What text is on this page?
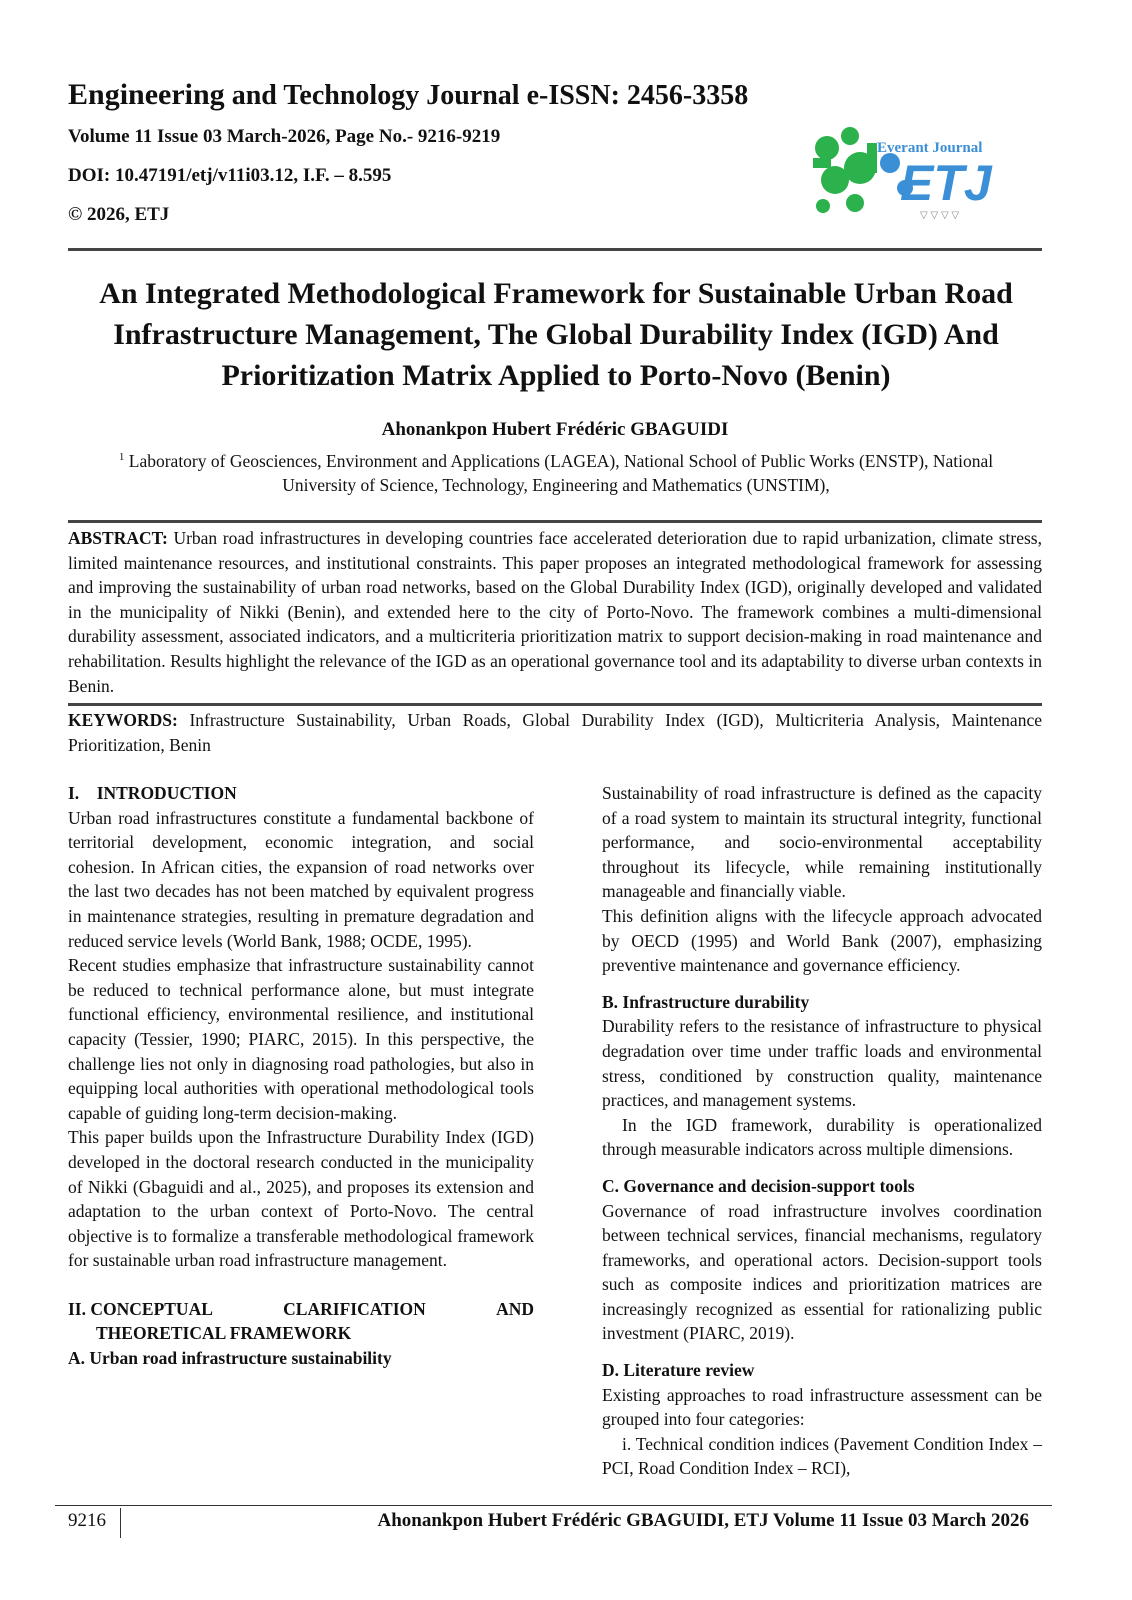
Engineering and Technology Journal e-ISSN: 2456-3358

Volume 11 Issue 03 March-2026, Page No.- 9216-9219
DOI: 10.47191/etj/v11i03.12, I.F. – 8.595
© 2026, ETJ
Everant Journal
ETJ
▽ ▽ ▽ ▽
An Integrated Methodological Framework for Sustainable Urban Road Infrastructure Management, The Global Durability Index (IGD) And Prioritization Matrix Applied to Porto-Novo (Benin)
Ahonankpon Hubert Frédéric GBAGUIDI
$^1$ Laboratory of Geosciences, Environment and Applications (LAGEA), National School of Public Works (ENSTP), National University of Science, Technology, Engineering and Mathematics (UNSTIM),
ABSTRACT: Urban road infrastructures in developing countries face accelerated deterioration due to rapid urbanization, climate stress, limited maintenance resources, and institutional constraints. This paper proposes an integrated methodological framework for assessing and improving the sustainability of urban road networks, based on the Global Durability Index (IGD), originally developed and validated in the municipality of Nikki (Benin), and extended here to the city of Porto-Novo. The framework combines a multi-dimensional durability assessment, associated indicators, and a multicriteria prioritization matrix to support decision-making in road maintenance and rehabilitation. Results highlight the relevance of the IGD as an operational governance tool and its adaptability to diverse urban contexts in Benin.
KEYWORDS: Infrastructure Sustainability, Urban Roads, Global Durability Index (IGD), Multicriteria Analysis, Maintenance Prioritization, Benin

I. INTRODUCTION

Urban road infrastructures constitute a fundamental backbone of territorial development, economic integration, and social cohesion. In African cities, the expansion of road networks over the last two decades has not been matched by equivalent progress in maintenance strategies, resulting in premature degradation and reduced service levels (World Bank, 1988; OCDE, 1995).

Recent studies emphasize that infrastructure sustainability cannot be reduced to technical performance alone, but must integrate functional efficiency, environmental resilience, and institutional capacity (Tessier, 1990; PIARC, 2015). In this perspective, the challenge lies not only in diagnosing road pathologies, but also in equipping local authorities with operational methodological tools capable of guiding long-term decision-making.

This paper builds upon the Infrastructure Durability Index (IGD) developed in the doctoral research conducted in the municipality of Nikki (Gbaguidi and al., 2025), and proposes its extension and adaptation to the urban context of Porto-Novo. The central objective is to formalize a transferable methodological framework for sustainable urban road infrastructure management.

II. CONCEPTUAL	CLARIFICATION	AND
THEORETICAL FRAMEWORK

A. Urban road infrastructure sustainability

Sustainability of road infrastructure is defined as the capacity of a road system to maintain its structural integrity, functional performance, and socio-environmental acceptability throughout its lifecycle, while remaining institutionally manageable and financially viable.

This definition aligns with the lifecycle approach advocated by OECD (1995) and World Bank (2007), emphasizing preventive maintenance and governance efficiency.

B. Infrastructure durability

Durability refers to the resistance of infrastructure to physical degradation over time under traffic loads and environmental stress, conditioned by construction quality, maintenance practices, and management systems.

In the IGD framework, durability is operationalized through measurable indicators across multiple dimensions.

C. Governance and decision-support tools

Governance of road infrastructure involves coordination between technical services, financial mechanisms, regulatory frameworks, and operational actors. Decision-support tools such as composite indices and prioritization matrices are increasingly recognized as essential for rationalizing public investment (PIARC, 2019).

D. Literature review

Existing approaches to road infrastructure assessment can be grouped into four categories:

i. Technical condition indices (Pavement Condition Index – PCI, Road Condition Index – RCI),

9216	Ahonankpon Hubert Frédéric GBAGUIDI, ETJ Volume 11 Issue 03 March 2026
